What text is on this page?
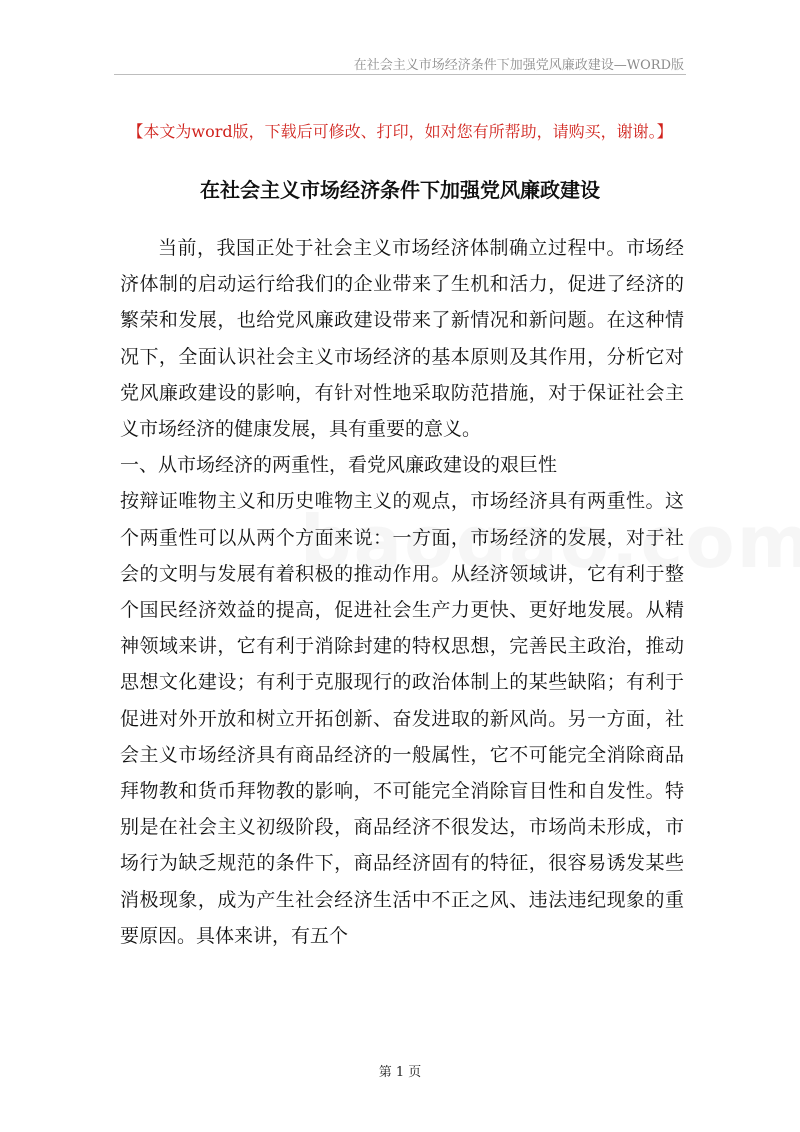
在社会主义市场经济条件下加强党风廉政建设—WORD版
【本文为word版，下载后可修改、打印，如对您有所帮助，请购买，谢谢。】
在社会主义市场经济条件下加强党风廉政建设

当前，我国正处于社会主义市场经济体制确立过程中。市场经济体制的启动运行给我们的企业带来了生机和活力，促进了经济的繁荣和发展，也给党风廉政建设带来了新情况和新问题。在这种情况下，全面认识社会主义市场经济的基本原则及其作用，分析它对党风廉政建设的影响，有针对性地采取防范措施，对于保证社会主义市场经济的健康发展，具有重要的意义。

一、从市场经济的两重性，看党风廉政建设的艰巨性

按辩证唯物主义和历史唯物主义的观点，市场经济具有两重性。这个两重性可以从两个方面来说：一方面，市场经济的发展，对于社会的文明与发展有着积极的推动作用。从经济领域讲，它有利于整个国民经济效益的提高，促进社会生产力更快、更好地发展。从精神领域来讲，它有利于消除封建的特权思想，完善民主政治，推动思想文化建设；有利于克服现行的政治体制上的某些缺陷；有利于促进对外开放和树立开拓创新、奋发进取的新风尚。另一方面，社会主义市场经济具有商品经济的一般属性，它不可能完全消除商品拜物教和货币拜物教的影响，不可能完全消除盲目性和自发性。特别是在社会主义初级阶段，商品经济不很发达，市场尚未形成，市场行为缺乏规范的条件下，商品经济固有的特征，很容易诱发某些消极现象，成为产生社会经济生活中不正之风、违法违纪现象的重要原因。具体来讲，有五个

第 1 页
